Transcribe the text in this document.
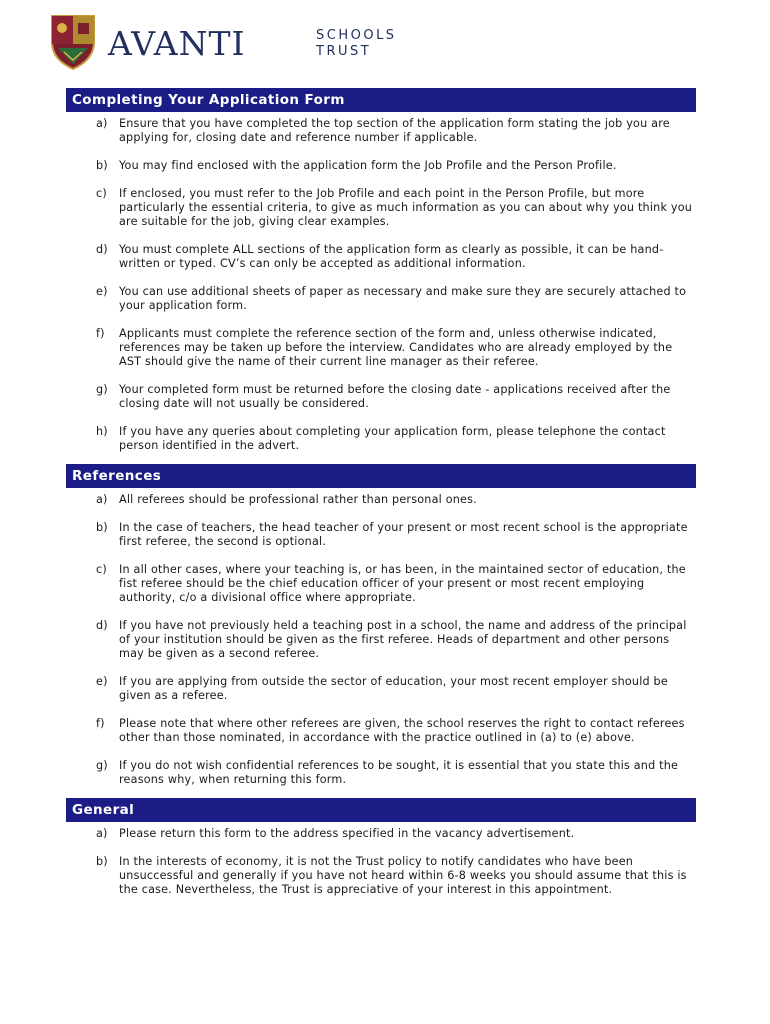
AVANTI	SCHOOLS
TRUST
Completing Your Application Form
a) Ensure that you have completed the top section of the application form stating the job you are applying for, closing date and reference number if applicable.
b) You may find enclosed with the application form the Job Profile and the Person Profile.
c) If enclosed, you must refer to the Job Profile and each point in the Person Profile, but more particularly the essential criteria, to give as much information as you can about why you think you are suitable for the job, giving clear examples.
d) You must complete ALL sections of the application form as clearly as possible, it can be hand-written or typed. CV’s can only be accepted as additional information.
e) You can use additional sheets of paper as necessary and make sure they are securely attached to your application form.
f) Applicants must complete the reference section of the form and, unless otherwise indicated, references may be taken up before the interview. Candidates who are already employed by the AST should give the name of their current line manager as their referee.
g) Your completed form must be returned before the closing date - applications received after the closing date will not usually be considered.
h) If you have any queries about completing your application form, please telephone the contact person identified in the advert.
References
a) All referees should be professional rather than personal ones.
b) In the case of teachers, the head teacher of your present or most recent school is the appropriate first referee, the second is optional.
c) In all other cases, where your teaching is, or has been, in the maintained sector of education, the fist referee should be the chief education officer of your present or most recent employing authority, c/o a divisional office where appropriate.
d) If you have not previously held a teaching post in a school, the name and address of the principal of your institution should be given as the first referee. Heads of department and other persons may be given as a second referee.
e) If you are applying from outside the sector of education, your most recent employer should be given as a referee.
f) Please note that where other referees are given, the school reserves the right to contact referees other than those nominated, in accordance with the practice outlined in (a) to (e) above.
g) If you do not wish confidential references to be sought, it is essential that you state this and the reasons why, when returning this form.
General
a) Please return this form to the address specified in the vacancy advertisement.
b) In the interests of economy, it is not the Trust policy to notify candidates who have been unsuccessful and generally if you have not heard within 6-8 weeks you should assume that this is the case. Nevertheless, the Trust is appreciative of your interest in this appointment.
